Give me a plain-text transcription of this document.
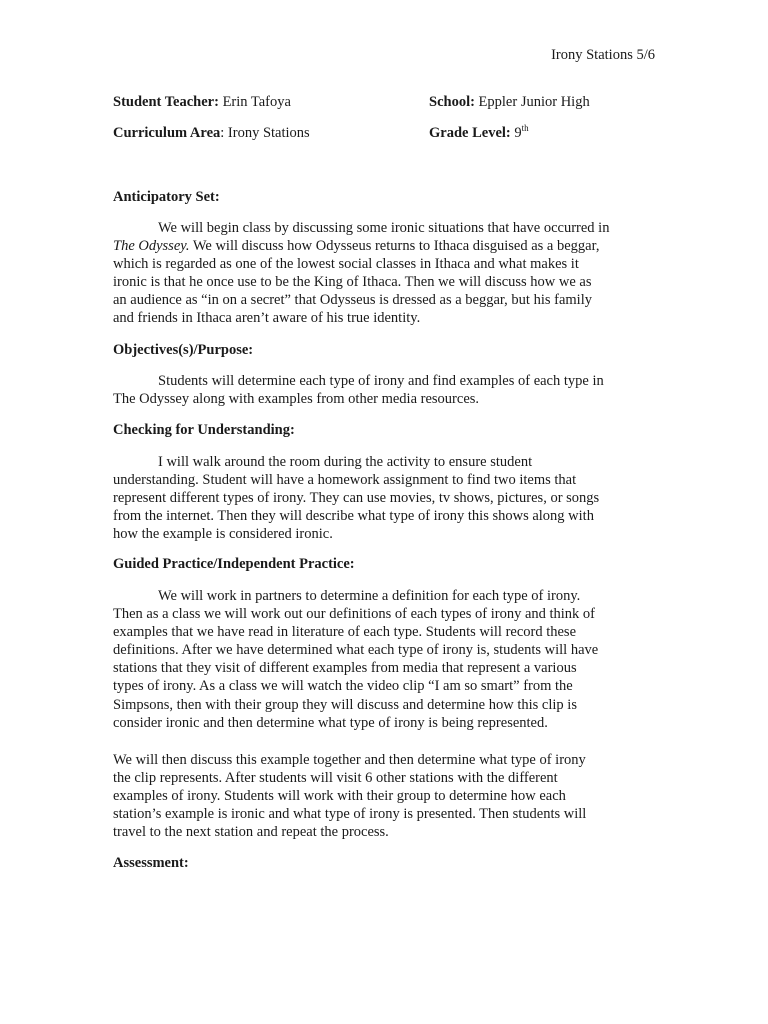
Irony Stations 5/6
Student Teacher: Erin Tafoya	School: Eppler Junior High
Curriculum Area: Irony Stations	Grade Level: 9th
Anticipatory Set:
We will begin class by discussing some ironic situations that have occurred in
The Odyssey. We will discuss how Odysseus returns to Ithaca disguised as a beggar,
which is regarded as one of the lowest social classes in Ithaca and what makes it
ironic is that he once use to be the King of Ithaca. Then we will discuss how we as
an audience as “in on a secret” that Odysseus is dressed as a beggar, but his family
and friends in Ithaca aren’t aware of his true identity.
Objectives(s)/Purpose:
Students will determine each type of irony and find examples of each type in
The Odyssey along with examples from other media resources.
Checking for Understanding:
I will walk around the room during the activity to ensure student
understanding. Student will have a homework assignment to find two items that
represent different types of irony. They can use movies, tv shows, pictures, or songs
from the internet. Then they will describe what type of irony this shows along with
how the example is considered ironic.
Guided Practice/Independent Practice:
We will work in partners to determine a definition for each type of irony.
Then as a class we will work out our definitions of each types of irony and think of
examples that we have read in literature of each type. Students will record these
definitions. After we have determined what each type of irony is, students will have
stations that they visit of different examples from media that represent a various
types of irony. As a class we will watch the video clip “I am so smart” from the
Simpsons, then with their group they will discuss and determine how this clip is
consider ironic and then determine what type of irony is being represented.
We will then discuss this example together and then determine what type of irony
the clip represents. After students will visit 6 other stations with the different
examples of irony. Students will work with their group to determine how each
station’s example is ironic and what type of irony is presented. Then students will
travel to the next station and repeat the process.
Assessment:
